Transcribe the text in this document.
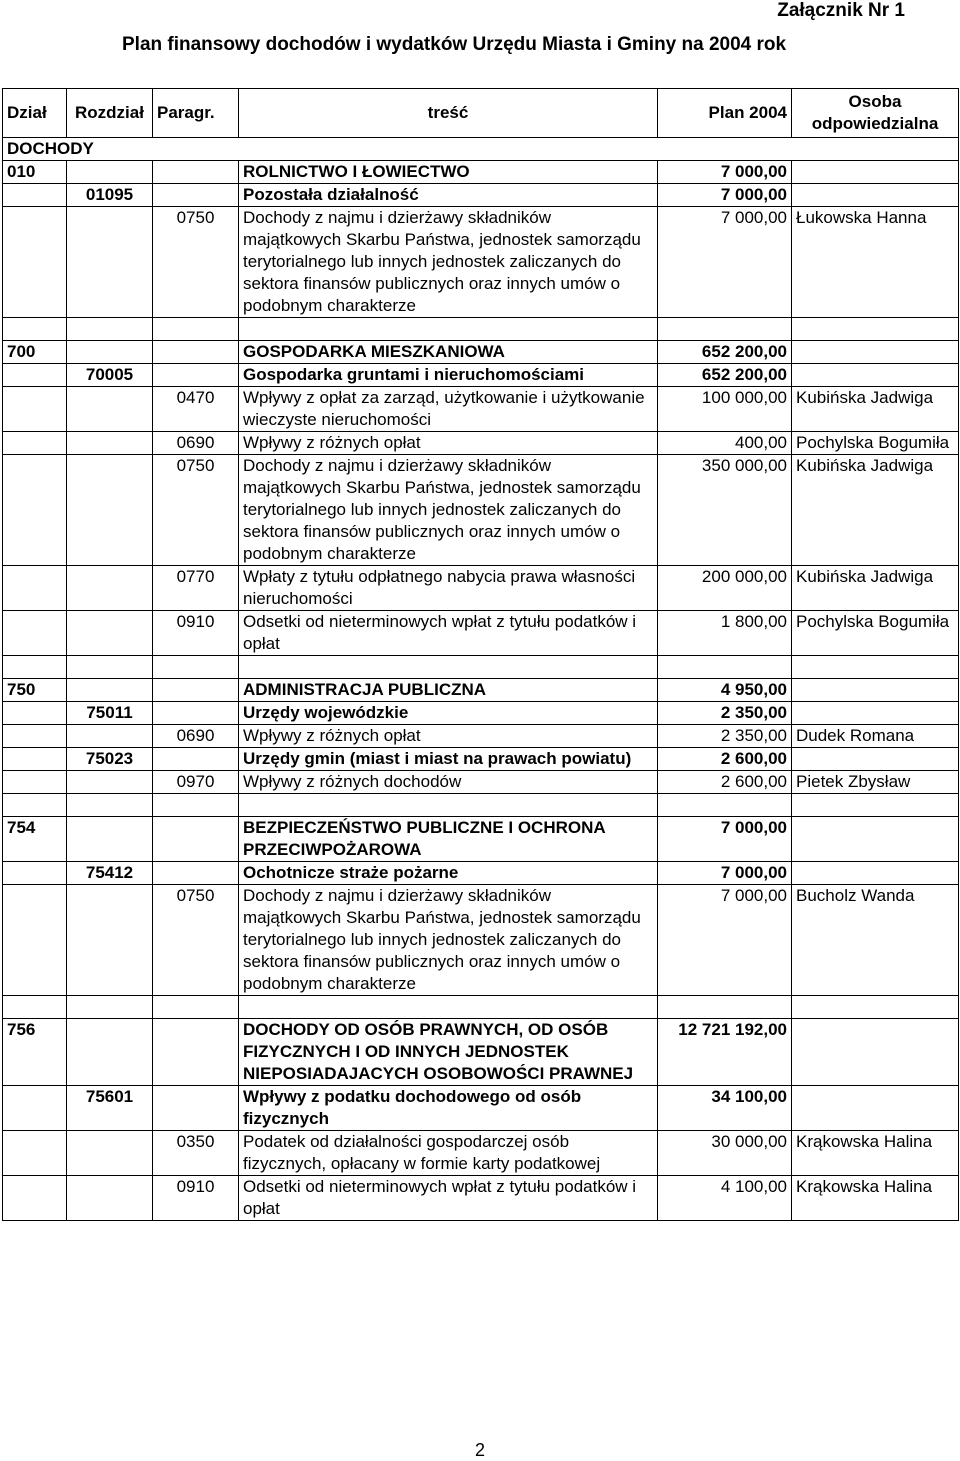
Załącznik Nr 1
Plan finansowy dochodów i wydatków Urzędu Miasta i Gminy na 2004 rok
Dział	Rozdział	Paragr.	treść	Plan 2004	Osoba odpowiedzialna
DOCHODY					
010			ROLNICTWO I ŁOWIECTWO	7 000,00	
	01095		Pozostała działalność	7 000,00	
		0750	Dochody z najmu i dzierżawy składników majątkowych Skarbu Państwa, jednostek samorządu terytorialnego lub innych jednostek zaliczanych do sektora finansów publicznych oraz innych umów o podobnym charakterze	7 000,00	Łukowska Hanna

700			GOSPODARKA MIESZKANIOWA	652 200,00	
	70005		Gospodarka gruntami i nieruchomościami	652 200,00	
		0470	Wpływy z opłat za zarząd, użytkowanie i użytkowanie wieczyste nieruchomości	100 000,00	Kubińska Jadwiga
		0690	Wpływy z różnych opłat	400,00	Pochylska Bogumiła
		0750	Dochody z najmu i dzierżawy składników majątkowych Skarbu Państwa, jednostek samorządu terytorialnego lub innych jednostek zaliczanych do sektora finansów publicznych oraz innych umów o podobnym charakterze	350 000,00	Kubińska Jadwiga
		0770	Wpłaty z tytułu odpłatnego nabycia prawa własności nieruchomości	200 000,00	Kubińska Jadwiga
		0910	Odsetki od nieterminowych wpłat z tytułu podatków i opłat	1 800,00	Pochylska Bogumiła

750			ADMINISTRACJA PUBLICZNA	4 950,00	
	75011		Urzędy wojewódzkie	2 350,00	
		0690	Wpływy z różnych opłat	2 350,00	Dudek Romana
	75023		Urzędy gmin (miast i miast na prawach powiatu)	2 600,00	
		0970	Wpływy z różnych dochodów	2 600,00	Pietek Zbysław

754			BEZPIECZEŃSTWO PUBLICZNE I OCHRONA PRZECIWPOŻAROWA	7 000,00	
	75412		Ochotnicze straże pożarne	7 000,00	
		0750	Dochody z najmu i dzierżawy składników majątkowych Skarbu Państwa, jednostek samorządu terytorialnego lub innych jednostek zaliczanych do sektora finansów publicznych oraz innych umów o podobnym charakterze	7 000,00	Bucholz Wanda

756			DOCHODY OD OSÓB PRAWNYCH, OD OSÓB FIZYCZNYCH I OD INNYCH JEDNOSTEK NIEPOSIADAJACYCH OSOBOWOŚCI PRAWNEJ	12 721 192,00	
	75601		Wpływy z podatku dochodowego od osób fizycznych	34 100,00	
		0350	Podatek od działalności gospodarczej osób fizycznych, opłacany w formie karty podatkowej	30 000,00	Krąkowska Halina
		0910	Odsetki od nieterminowych wpłat z tytułu podatków i opłat	4 100,00	Krąkowska Halina
2
